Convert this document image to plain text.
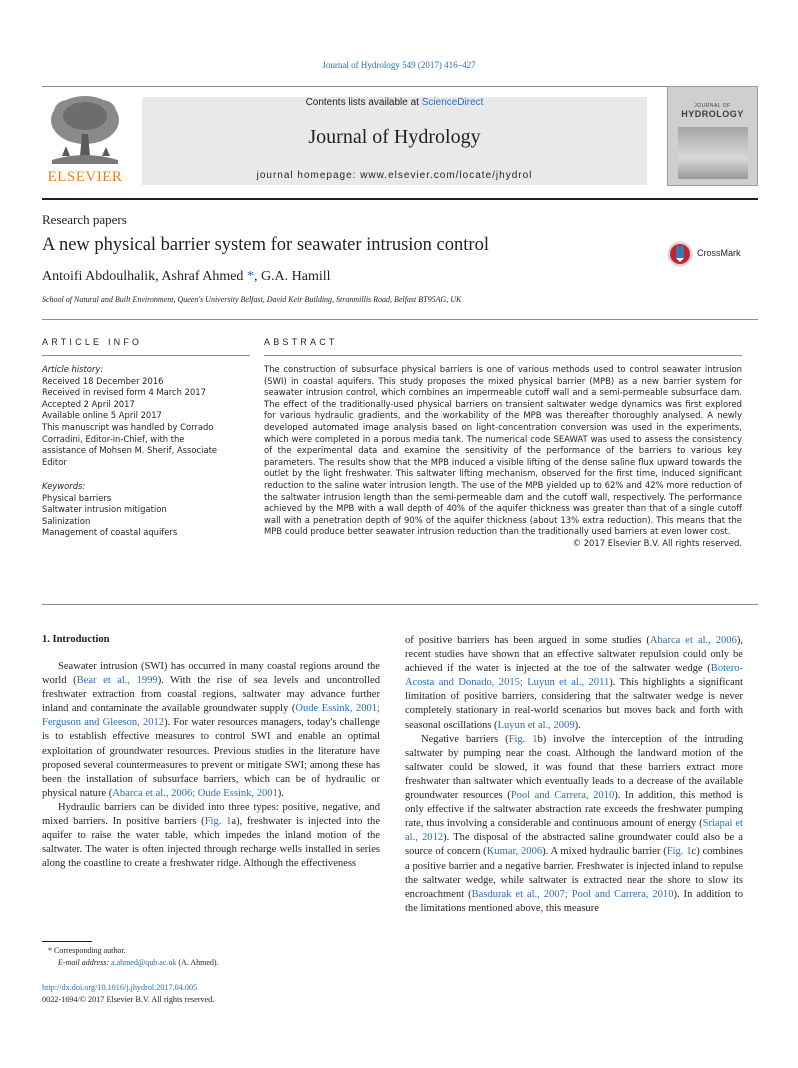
Journal of Hydrology 549 (2017) 416–427
ELSEVIER
Contents lists available at ScienceDirect
Journal of Hydrology
journal homepage: www.elsevier.com/locate/jhydrol
JOURNAL OF
HYDROLOGY
Research papers
A new physical barrier system for seawater intrusion control	CrossMark
Antoifi Abdoulhalik, Ashraf Ahmed *, G.A. Hamill
School of Natural and Built Environment, Queen's University Belfast, David Keir Building, Stranmillis Road, Belfast BT95AG, UK
ARTICLE INFO
Article history:
Received 18 December 2016
Received in revised form 4 March 2017
Accepted 2 April 2017
Available online 5 April 2017
This manuscript was handled by Corrado
Corradini, Editor-in-Chief, with the
assistance of Mohsen M. Sherif, Associate
Editor
Keywords:
Physical barriers
Saltwater intrusion mitigation
Salinization
Management of coastal aquifers
ABSTRACT
The construction of subsurface physical barriers is one of various methods used to control seawater intrusion (SWI) in coastal aquifers. This study proposes the mixed physical barrier (MPB) as a new barrier system for seawater intrusion control, which combines an impermeable cutoff wall and a semi-permeable subsurface dam. The effect of the traditionally-used physical barriers on transient saltwater wedge dynamics was first explored for various hydraulic gradients, and the workability of the MPB was thereafter thoroughly analysed. A newly developed automated image analysis based on light-concentration conversion was used in the experiments, which were completed in a porous media tank. The numerical code SEAWAT was used to assess the consistency of the experimental data and examine the sensitivity of the performance of the barriers to various key parameters. The results show that the MPB induced a visible lifting of the dense saline flux upward towards the outlet by the light freshwater. This saltwater lifting mechanism, observed for the first time, induced significant reduction to the saline water intrusion length. The use of the MPB yielded up to 62% and 42% more reduction of the saltwater intrusion length than the semi-permeable dam and the cutoff wall, respectively. The performance achieved by the MPB with a wall depth of 40% of the aquifer thickness was greater than that of a single cutoff wall with a penetration depth of 90% of the aquifer thickness (about 13% extra reduction). This means that the MPB could produce better seawater intrusion reduction than the traditionally used barriers at even lower cost.
© 2017 Elsevier B.V. All rights reserved.
1. Introduction

Seawater intrusion (SWI) has occurred in many coastal regions around the world (Bear et al., 1999). With the rise of sea levels and uncontrolled freshwater extraction from coastal regions, saltwater may advance further inland and contaminate the available groundwater supply (Oude Essink, 2001; Ferguson and Gleeson, 2012). For water resources managers, today's challenge is to establish effective measures to control SWI and enable an optimal exploitation of groundwater resources. Previous studies in the literature have proposed several countermeasures to prevent or mitigate SWI; among these has been the installation of subsurface barriers, which can be of hydraulic or physical nature (Abarca et al., 2006; Oude Essink, 2001).

Hydraulic barriers can be divided into three types: positive, negative, and mixed barriers. In positive barriers (Fig. 1a), freshwater is injected into the aquifer to raise the water table, which impedes the inland motion of the saltwater. The water is often injected through recharge wells installed in series along the coastline to create a freshwater ridge. Although the effectiveness

of positive barriers has been argued in some studies (Abarca et al., 2006), recent studies have shown that an effective saltwater repulsion could only be achieved if the water is injected at the toe of the saltwater wedge (Botero-Acosta and Donado, 2015; Luyun et al., 2011). This highlights a significant limitation of positive barriers, considering that the saltwater wedge is never completely stationary in real-world scenarios but moves back and forth with seasonal oscillations (Luyun et al., 2009).

Negative barriers (Fig. 1b) involve the interception of the intruding saltwater by pumping near the coast. Although the landward motion of the saltwater could be slowed, it was found that these barriers extract more freshwater than saltwater which eventually leads to a decrease of the available groundwater resources (Pool and Carrera, 2010). In addition, this method is only effective if the saltwater abstraction rate exceeds the freshwater pumping rate, thus involving a considerable and continuous amount of energy (Sriapai et al., 2012). The disposal of the abstracted saline groundwater could also be a source of concern (Kumar, 2006). A mixed hydraulic barrier (Fig. 1c) combines a positive barrier and a negative barrier. Freshwater is injected inland to repulse the saltwater wedge, while saltwater is extracted near the shore to slow its encroachment (Basdurak et al., 2007; Pool and Carrera, 2010). In addition to the limitations mentioned above, this measure

* Corresponding author.
E-mail address: a.ahmed@qub.ac.uk (A. Ahmed).
http://dx.doi.org/10.1016/j.jhydrol.2017.04.005
0022-1694/© 2017 Elsevier B.V. All rights reserved.
